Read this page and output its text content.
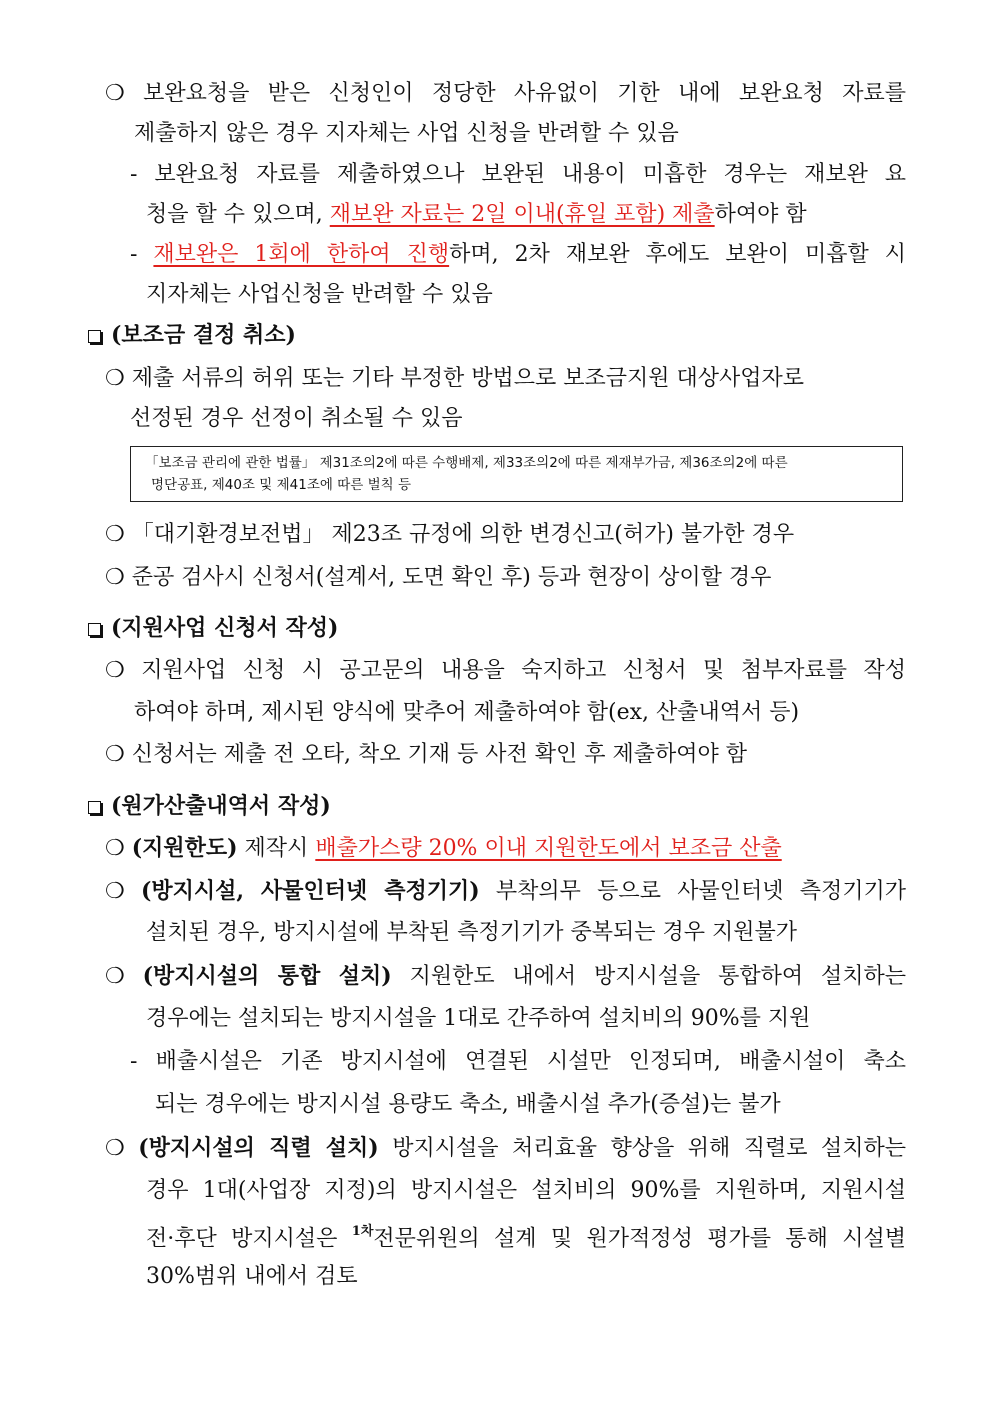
❍ 보완요청을 받은 신청인이 정당한 사유없이 기한 내에 보완요청 자료를
제출하지 않은 경우 지자체는 사업 신청을 반려할 수 있음
- 보완요청 자료를 제출하였으나 보완된 내용이 미흡한 경우는 재보완 요
청을 할 수 있으며, 재보완 자료는 2일 이내(휴일 포함) 제출하여야 함
- 재보완은 1회에 한하여 진행하며, 2차 재보완 후에도 보완이 미흡할 시
지자체는 사업신청을 반려할 수 있음
(보조금 결정 취소)
❍ 제출 서류의 허위 또는 기타 부정한 방법으로 보조금지원 대상사업자로
선정된 경우 선정이 취소될 수 있음
「보조금 관리에 관한 법률」 제31조의2에 따른 수행배제, 제33조의2에 따른 제재부가금, 제36조의2에 따른
명단공표, 제40조 및 제41조에 따른 벌칙 등
❍ 「대기환경보전법」 제23조 규정에 의한 변경신고(허가) 불가한 경우
❍ 준공 검사시 신청서(설계서, 도면 확인 후) 등과 현장이 상이할 경우
(지원사업 신청서 작성)
❍ 지원사업 신청 시 공고문의 내용을 숙지하고 신청서 및 첨부자료를 작성
하여야 하며, 제시된 양식에 맞추어 제출하여야 함(ex, 산출내역서 등)
❍ 신청서는 제출 전 오타, 착오 기재 등 사전 확인 후 제출하여야 함
(원가산출내역서 작성)
❍ (지원한도) 제작시 배출가스량 20% 이내 지원한도에서 보조금 산출
❍ (방지시설, 사물인터넷 측정기기) 부착의무 등으로 사물인터넷 측정기기가
설치된 경우, 방지시설에 부착된 측정기기가 중복되는 경우 지원불가
❍ (방지시설의 통합 설치) 지원한도 내에서 방지시설을 통합하여 설치하는
경우에는 설치되는 방지시설을 1대로 간주하여 설치비의 90%를 지원
- 배출시설은 기존 방지시설에 연결된 시설만 인정되며, 배출시설이 축소
되는 경우에는 방지시설 용량도 축소, 배출시설 추가(증설)는 불가
❍ (방지시설의 직렬 설치) 방지시설을 처리효율 향상을 위해 직렬로 설치하는
경우 1대(사업장 지정)의 방지시설은 설치비의 90%를 지원하며, 지원시설
전·후단 방지시설은 $^{1차}$전문위원의 설계 및 원가적정성 평가를 통해 시설별
30%범위 내에서 검토
